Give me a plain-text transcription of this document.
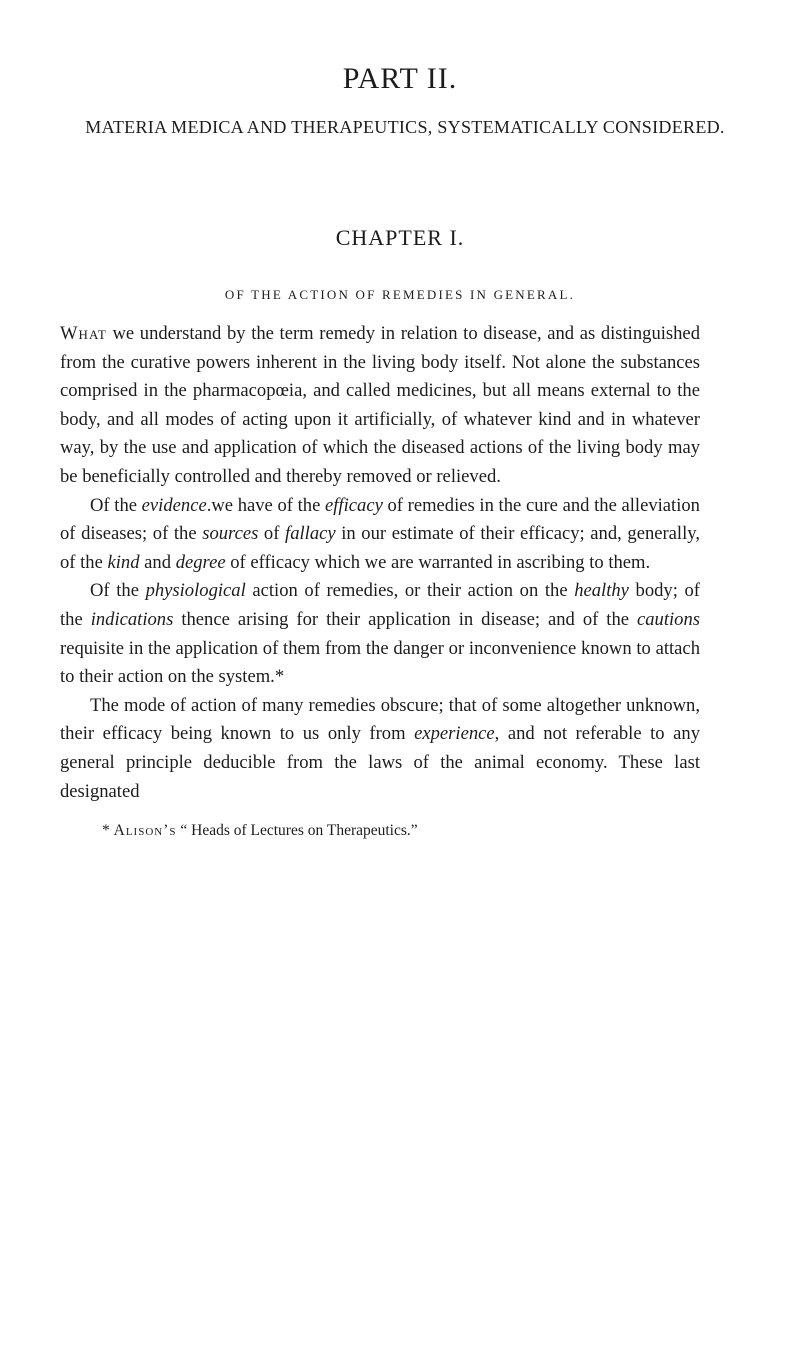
PART II.
MATERIA MEDICA AND THERAPEUTICS, SYSTEMATICALLY CONSIDERED.
CHAPTER I.
OF THE ACTION OF REMEDIES IN GENERAL.

What we understand by the term remedy in relation to disease, and as distinguished from the curative powers inherent in the living body itself. Not alone the substances comprised in the pharmacopœia, and called medicines, but all means external to the body, and all modes of acting upon it artificially, of whatever kind and in whatever way, by the use and application of which the diseased actions of the living body may be beneficially controlled and thereby removed or relieved.

Of the evidence.we have of the efficacy of remedies in the cure and the alleviation of diseases; of the sources of fallacy in our estimate of their efficacy; and, generally, of the kind and degree of efficacy which we are warranted in ascribing to them.

Of the physiological action of remedies, or their action on the healthy body; of the indications thence arising for their application in disease; and of the cautions requisite in the application of them from the danger or inconvenience known to attach to their action on the system.*

The mode of action of many remedies obscure; that of some altogether unknown, their efficacy being known to us only from experience, and not referable to any general principle deducible from the laws of the animal economy. These last designated

* Alison’s “ Heads of Lectures on Therapeutics.”
